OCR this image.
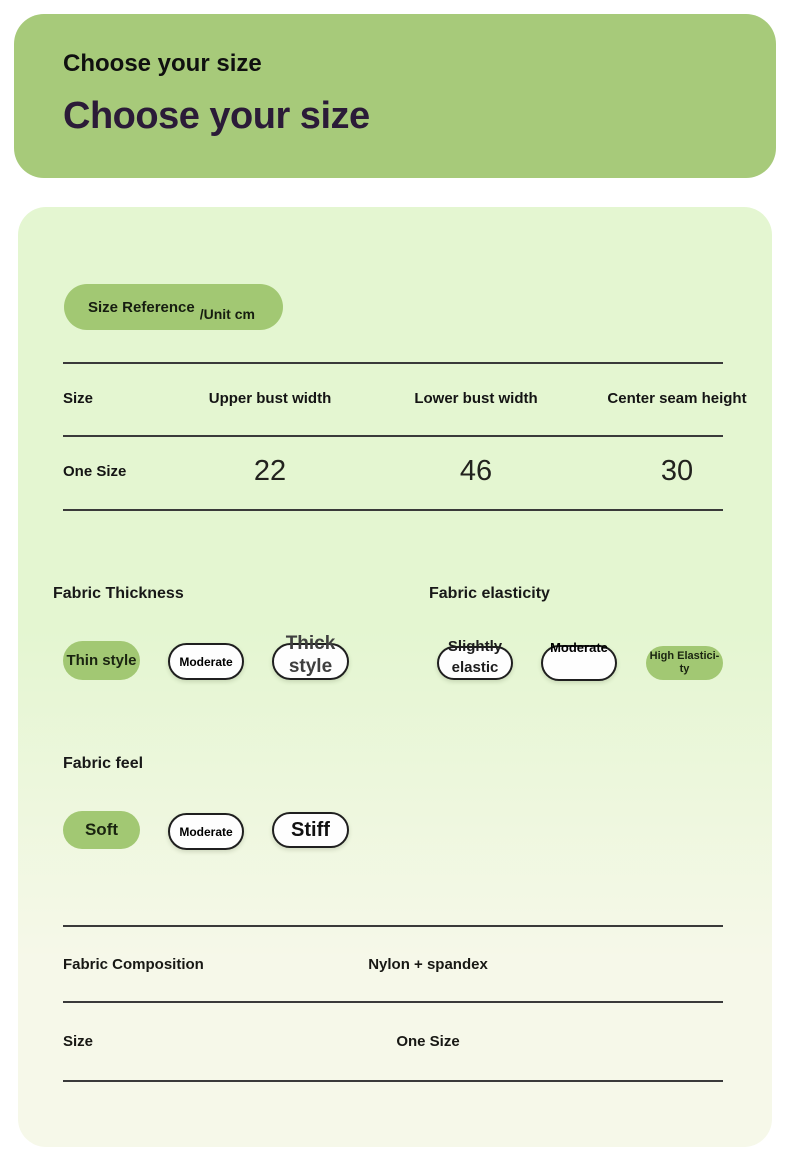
Choose your size
Choose your size
Size Reference /Unit cm
Size	Upper bust width	Lower bust width	Center seam height
One Size	22	46	30
Fabric Thickness	Fabric elasticity
Thin style	Moderate
Thick style
Slightly elastic
Moderate
High Elastici-ty
Fabric feel
Soft	Moderate	Stiff
Fabric Composition	Nylon + spandex
Size	One Size
